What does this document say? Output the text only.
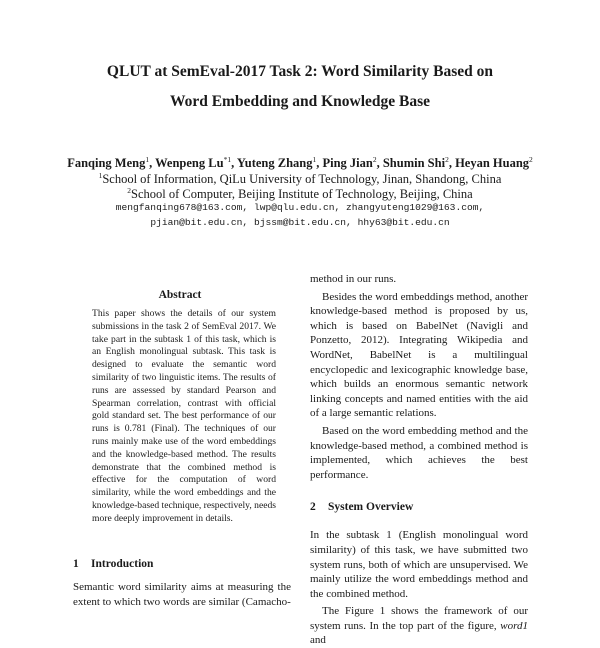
QLUT at SemEval-2017 Task 2: Word Similarity Based on
Word Embedding and Knowledge Base
Fanqing Meng$^1$, Wenpeng Lu$^{*1}$, Yuteng Zhang$^1$, Ping Jian$^2$, Shumin Shi$^2$, Heyan Huang$^2$
$^1$School of Information, QiLu University of Technology, Jinan, Shandong, China
$^2$School of Computer, Beijing Institute of Technology, Beijing, China
mengfanqing678@163.com, lwp@qlu.edu.cn, zhangyuteng1029@163.com,
pjian@bit.edu.cn, bjssm@bit.edu.cn, hhy63@bit.edu.cn
Abstract

This paper shows the details of our system submissions in the task 2 of SemEval 2017. We take part in the subtask 1 of this task, which is an English monolingual subtask. This task is designed to evaluate the semantic word similarity of two linguistic items. The results of runs are assessed by standard Pearson and Spearman correlation, contrast with official gold standard set. The best performance of our runs is 0.781 (Final). The techniques of our runs mainly make use of the word embeddings and the knowledge-based method. The results demonstrate that the combined method is effective for the computation of word similarity, while the word embeddings and the knowledge-based technique, respectively, needs more deeply improvement in details.

1 Introduction

Semantic word similarity aims at measuring the extent to which two words are similar (Camacho-

method in our runs.

Besides the word embeddings method, another knowledge-based method is proposed by us, which is based on BabelNet (Navigli and Ponzetto, 2012). Integrating Wikipedia and WordNet, BabelNet is a multilingual encyclopedic and lexicographic knowledge base, which builds an enormous semantic network linking concepts and named entities with the aid of a large semantic relations.

Based on the word embedding method and the knowledge-based method, a combined method is implemented, which achieves the best performance.

2 System Overview

In the subtask 1 (English monolingual word similarity) of this task, we have submitted two system runs, both of which are unsupervised. We mainly utilize the word embeddings method and the combined method.

The Figure 1 shows the framework of our system runs. In the top part of the figure, word1 and
